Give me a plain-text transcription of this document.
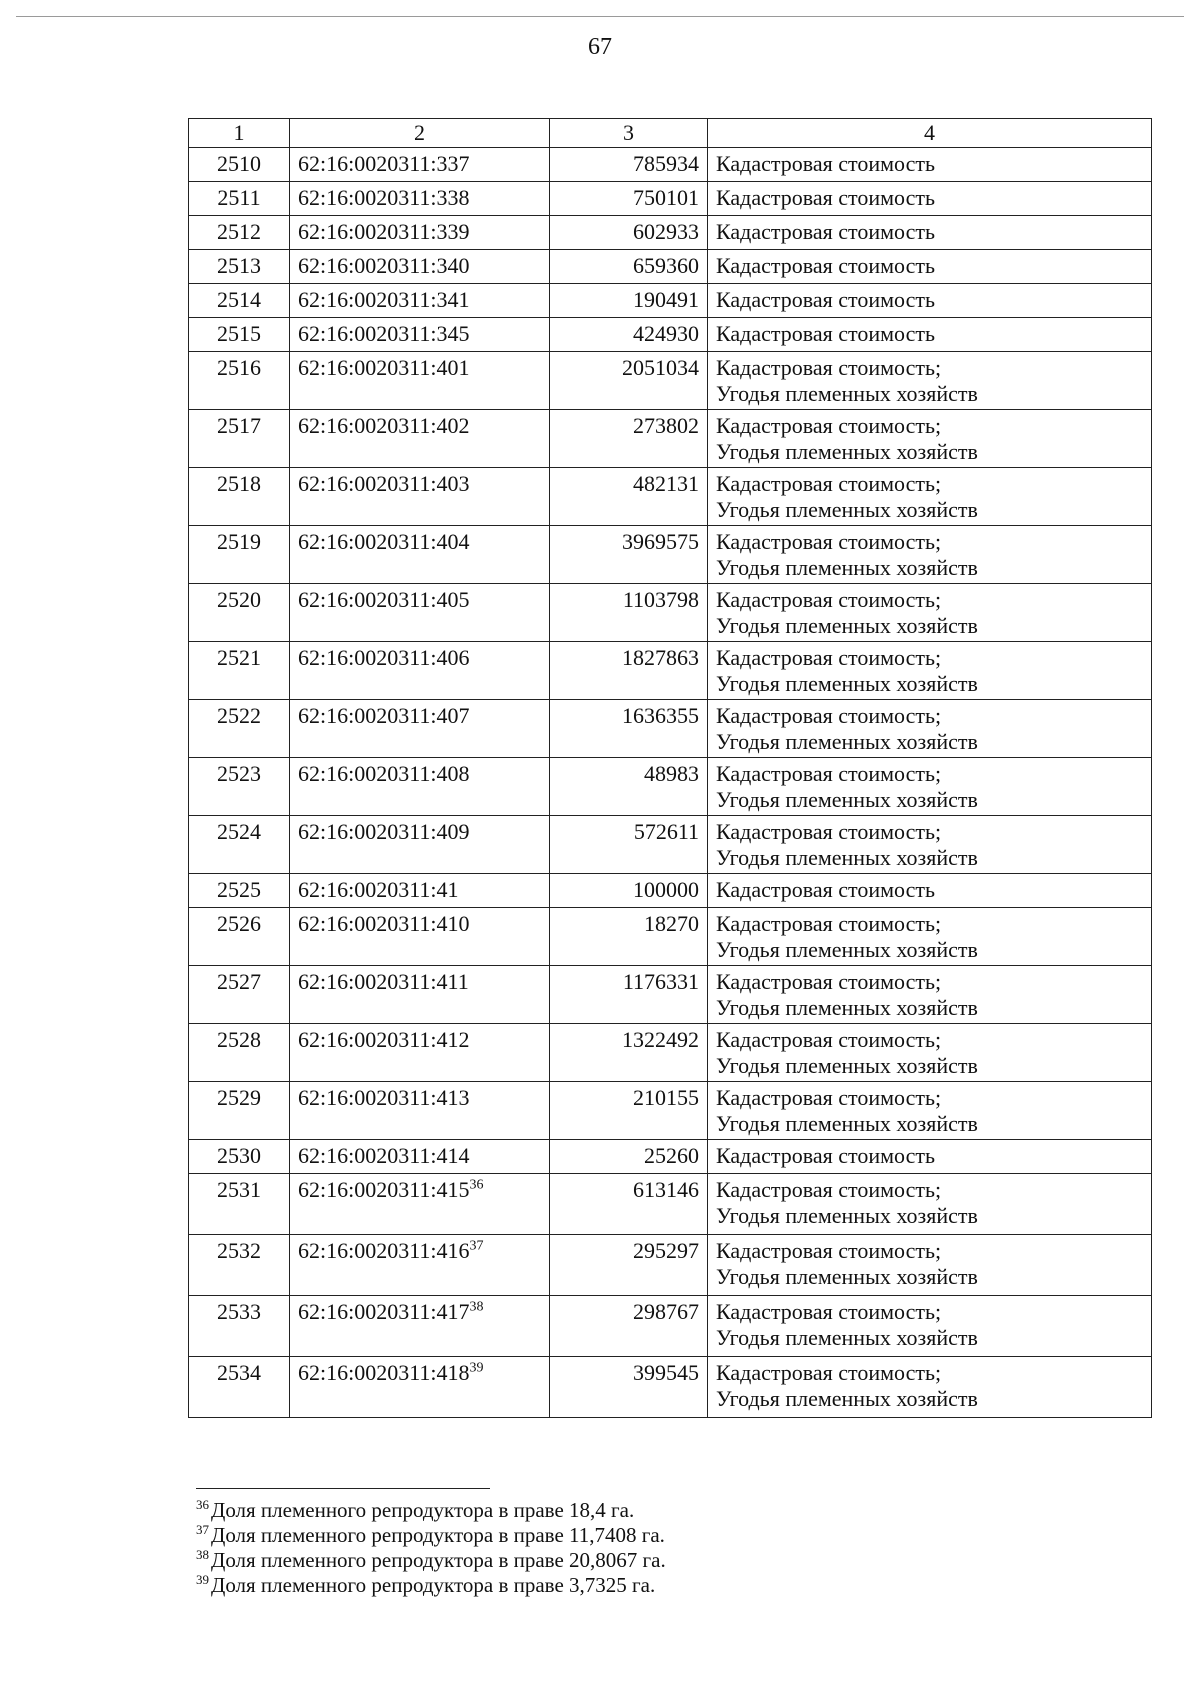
67
1	2	3	4
2510	62:16:0020311:337	785934	Кадастровая стоимость

2511	62:16:0020311:338	750101	Кадастровая стоимость

2512	62:16:0020311:339	602933	Кадастровая стоимость

2513	62:16:0020311:340	659360	Кадастровая стоимость

2514	62:16:0020311:341	190491	Кадастровая стоимость

2515	62:16:0020311:345	424930	Кадастровая стоимость

2516	62:16:0020311:401	2051034	Кадастровая стоимость;
Угодья племенных хозяйств

2517	62:16:0020311:402	273802	Кадастровая стоимость;
Угодья племенных хозяйств

2518	62:16:0020311:403	482131	Кадастровая стоимость;
Угодья племенных хозяйств

2519	62:16:0020311:404	3969575	Кадастровая стоимость;
Угодья племенных хозяйств

2520	62:16:0020311:405	1103798	Кадастровая стоимость;
Угодья племенных хозяйств

2521	62:16:0020311:406	1827863	Кадастровая стоимость;
Угодья племенных хозяйств

2522	62:16:0020311:407	1636355	Кадастровая стоимость;
Угодья племенных хозяйств

2523	62:16:0020311:408	48983	Кадастровая стоимость;
Угодья племенных хозяйств

2524	62:16:0020311:409	572611	Кадастровая стоимость;
Угодья племенных хозяйств

2525	62:16:0020311:41	100000	Кадастровая стоимость

2526	62:16:0020311:410	18270	Кадастровая стоимость;
Угодья племенных хозяйств

2527	62:16:0020311:411	1176331	Кадастровая стоимость;
Угодья племенных хозяйств

2528	62:16:0020311:412	1322492	Кадастровая стоимость;
Угодья племенных хозяйств

2529	62:16:0020311:413	210155	Кадастровая стоимость;
Угодья племенных хозяйств

2530	62:16:0020311:414	25260	Кадастровая стоимость

2531	$62:16:0020311:415^{36}$	613146	Кадастровая стоимость;
Угодья племенных хозяйств

2532	$62:16:0020311:416^{37}$	295297	Кадастровая стоимость;
Угодья племенных хозяйств

2533	$62:16:0020311:417^{38}$	298767	Кадастровая стоимость;
Угодья племенных хозяйств

2534	$62:16:0020311:418^{39}$	399545	Кадастровая стоимость;
Угодья племенных хозяйств
$^{36}$Доля племенного репродуктора в праве 18,4 га.
$^{37}$Доля племенного репродуктора в праве 11,7408 га.
$^{38}$Доля племенного репродуктора в праве 20,8067 га.
$^{39}$Доля племенного репродуктора в праве 3,7325 га.
